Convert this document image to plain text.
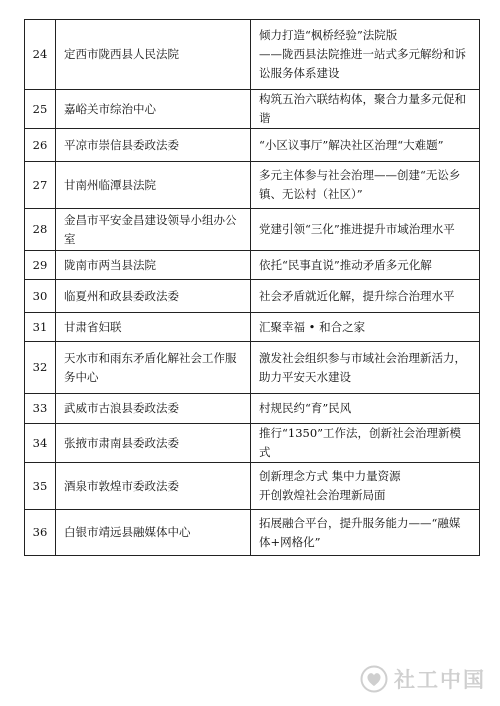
24	定西市陇西县人民法院	倾力打造“枫桥经验”法院版
——陇西县法院推进一站式多元解纷和诉讼服务体系建设

25	嘉峪关市综治中心	构筑五治六联结构体，聚合力量多元促和谐

26	平凉市崇信县委政法委	“小区议事厅”解决社区治理“大难题”

27	甘南州临潭县法院	多元主体参与社会治理——创建“无讼乡镇、无讼村（社区）”

28	金昌市平安金昌建设领导小组办公室	党建引领“三化”推进提升市域治理水平

29	陇南市两当县法院	依托“民事直说”推动矛盾多元化解

30	临夏州和政县委政法委	社会矛盾就近化解，提升综合治理水平

31	甘肃省妇联	汇聚幸福 • 和合之家

32	天水市和雨东矛盾化解社会工作服务中心	激发社会组织参与市域社会治理新活力，助力平安天水建设

33	武威市古浪县委政法委	村规民约“育”民风

34	张掖市肃南县委政法委	推行“1350”工作法，创新社会治理新模式

35	酒泉市敦煌市委政法委	创新理念方式 集中力量资源
开创敦煌社会治理新局面

36	白银市靖远县融媒体中心	拓展融合平台，提升服务能力——“融媒体+网格化”
社工中国
